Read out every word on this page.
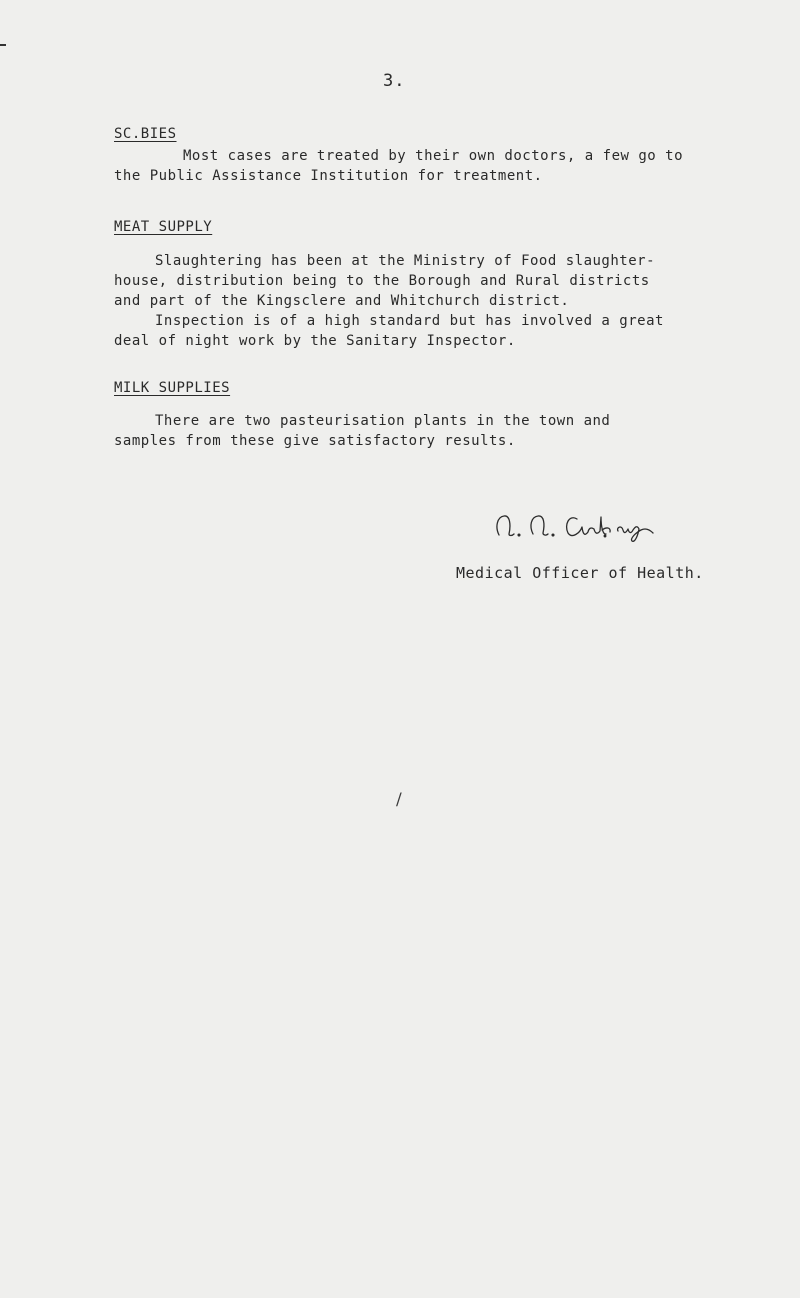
3.
SC.BIES
Most cases are treated by their own doctors, a few go to
the Public Assistance Institution for treatment.
MEAT SUPPLY
Slaughtering has been at the Ministry of Food slaughter-
house, distribution being to the Borough and Rural districts
and part of the Kingsclere and Whitchurch district.
Inspection is of a high standard but has involved a great
deal of night work by the Sanitary Inspector.
MILK SUPPLIES
There are two pasteurisation plants in the town and
samples from these give satisfactory results.
Medical Officer of Health.
/
